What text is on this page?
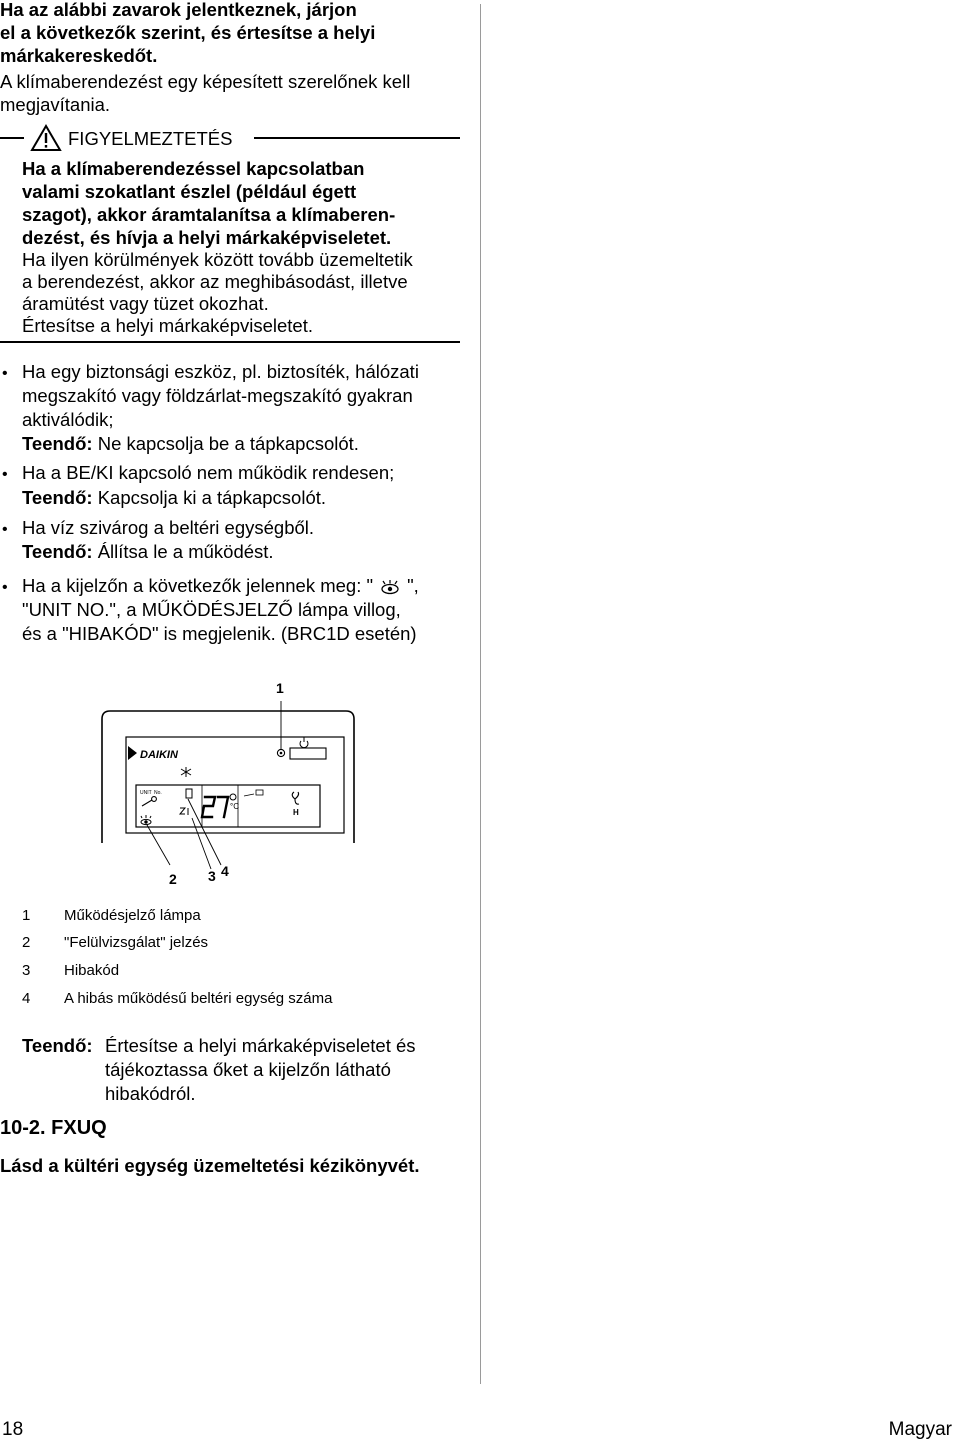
Ha az alábbi zavarok jelentkeznek, járjon
el a következők szerint, és értesítse a helyi
márkakereskedőt.
A klímaberendezést egy képesített szerelőnek kell
megjavítania.
FIGYELMEZTETÉS
Ha a klímaberendezéssel kapcsolatban
valami szokatlant észlel (például égett
szagot), akkor áramtalanítsa a klímaberen-
dezést, és hívja a helyi márkaképviseletet.
Ha ilyen körülmények között tovább üzemeltetik
a berendezést, akkor az meghibásodást, illetve
áramütést vagy tüzet okozhat.
Értesítse a helyi márkaképviseletet.
• Ha egy biztonsági eszköz, pl. biztosíték, hálózati
megszakító vagy földzárlat-megszakító gyakran
aktiválódik;
Teendő: Ne kapcsolja be a tápkapcsolót.
• Ha a BE/KI kapcsoló nem működik rendesen;
Teendő: Kapcsolja ki a tápkapcsolót.
• Ha víz szivárog a beltéri egységből.
Teendő: Állítsa le a működést.
• Ha a kijelzőn a következők jelennek meg: " ",
"UNIT NO.", a MŰKÖDÉSJELZŐ lámpa villog,
és a "HIBAKÓD" is megjelenik. (BRC1D esetén)
DAIKIN
UNIT No.
°C
H
1
2 3 4
1 Működésjelző lámpa
2 "Felülvizsgálat" jelzés
3 Hibakód
4 A hibás működésű beltéri egység száma
Teendő: Értesítse a helyi márkaképviseletet és
tájékoztassa őket a kijelzőn látható
hibakódról.
10-2. FXUQ
Lásd a kültéri egység üzemeltetési kézikönyvét.
18	Magyar
